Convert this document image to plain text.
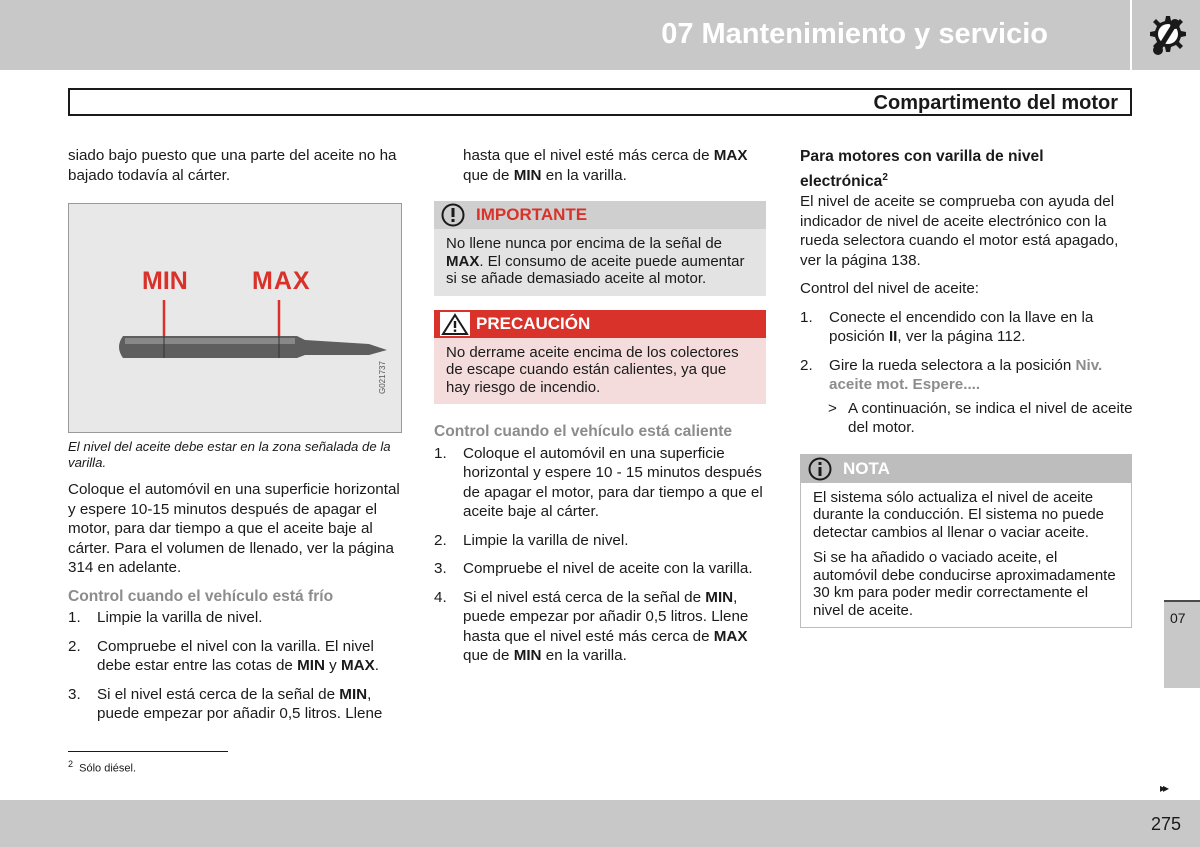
07 Mantenimiento y servicio
Compartimento del motor

siado bajo puesto que una parte del aceite no ha bajado todavía al cárter.

MIN	MAX
G021737

El nivel del aceite debe estar en la zona señalada de la varilla.

Coloque el automóvil en una superficie horizontal y espere 10-15 minutos después de apagar el motor, para dar tiempo a que el aceite baje al cárter. Para el volumen de llenado, ver la página 314 en adelante.

Control cuando el vehículo está frío
1. Limpie la varilla de nivel.
2. Compruebe el nivel con la varilla. El nivel debe estar entre las cotas de MIN y MAX.
3. Si el nivel está cerca de la señal de MIN, puede empezar por añadir 0,5 litros. Llene

hasta que el nivel esté más cerca de MAX que de MIN en la varilla.

IMPORTANTE

No llene nunca por encima de la señal de MAX. El consumo de aceite puede aumentar si se añade demasiado aceite al motor.

PRECAUCIÓN

No derrame aceite encima de los colectores de escape cuando están calientes, ya que hay riesgo de incendio.

Control cuando el vehículo está caliente
1. Coloque el automóvil en una superficie horizontal y espere 10 - 15 minutos después de apagar el motor, para dar tiempo a que el aceite baje al cárter.
2. Limpie la varilla de nivel.
3. Compruebe el nivel de aceite con la varilla.
4. Si el nivel está cerca de la señal de MIN, puede empezar por añadir 0,5 litros. Llene hasta que el nivel esté más cerca de MAX que de MIN en la varilla.
Para motores con varilla de nivel electrónica$^2$

El nivel de aceite se comprueba con ayuda del indicador de nivel de aceite electrónico con la rueda selectora cuando el motor está apagado, ver la página 138.

Control del nivel de aceite:

1. Conecte el encendido con la llave en la posición II, ver la página 112.
2. Gire la rueda selectora a la posición Niv. aceite mot. Espere....
> A continuación, se indica el nivel de aceite del motor.
NOTA

El sistema sólo actualiza el nivel de aceite durante la conducción. El sistema no puede detectar cambios al llenar o vaciar aceite.

Si se ha añadido o vaciado aceite, el automóvil debe conducirse aproximadamente 30 km para poder medir correctamente el nivel de aceite.

$^2$ Sólo diésel.
07
▸▸
275
